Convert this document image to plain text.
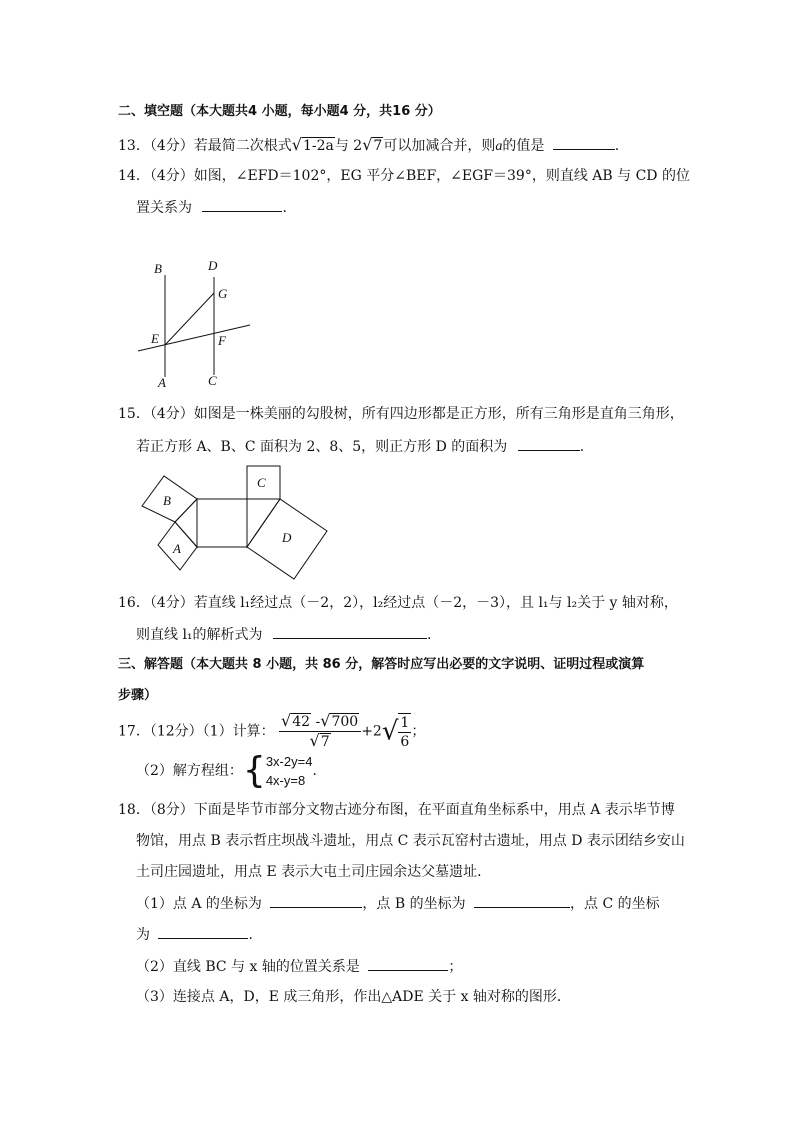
二、填空题（本大题共4 小题，每小题4 分，共16 分）
13．（4分）若最简二次根式√1-2a与 2√7可以加减合并，则a的值是	.
14．（4分）如图，∠EFD＝102°，EG 平分∠BEF，∠EGF＝39°，则直线 AB 与 CD 的位
置关系为	.
B	D
G
E	F
A	C
15．（4分）如图是一株美丽的勾股树，所有四边形都是正方形，所有三角形是直角三角形，
若正方形 A、B、C 面积为 2、8、5，则正方形 D 的面积为	.
B
C
A
D
16．（4分）若直线 l₁经过点（－2，2），l₂经过点（－2，－3），且 l₁与 l₂关于 y 轴对称，
则直线 l₁的解析式为	.
三、解答题（本大题共 8 小题，共 86 分，解答时应写出必要的文字说明、证明过程或演算
步骤）
17．（12分）（1）计算： $\frac{√42 -√700}{√7} +2√ \frac{1}{6}$ ；
（2）解方程组：{ 3x-2y=4
4x-y=8
.
18．（8分）下面是毕节市部分文物古迹分布图，在平面直角坐标系中，用点 A 表示毕节博
物馆，用点 B 表示哲庄坝战斗遗址，用点 C 表示瓦窑村古遗址，用点 D 表示团结乡安山
土司庄园遗址，用点 E 表示大屯土司庄园余达父墓遗址．
（1）点 A 的坐标为	，点 B 的坐标为	，点 C 的坐标
为	.
（2）直线 BC 与 x 轴的位置关系是	；
（3）连接点 A，D，E 成三角形，作出△ADE 关于 x 轴对称的图形．
